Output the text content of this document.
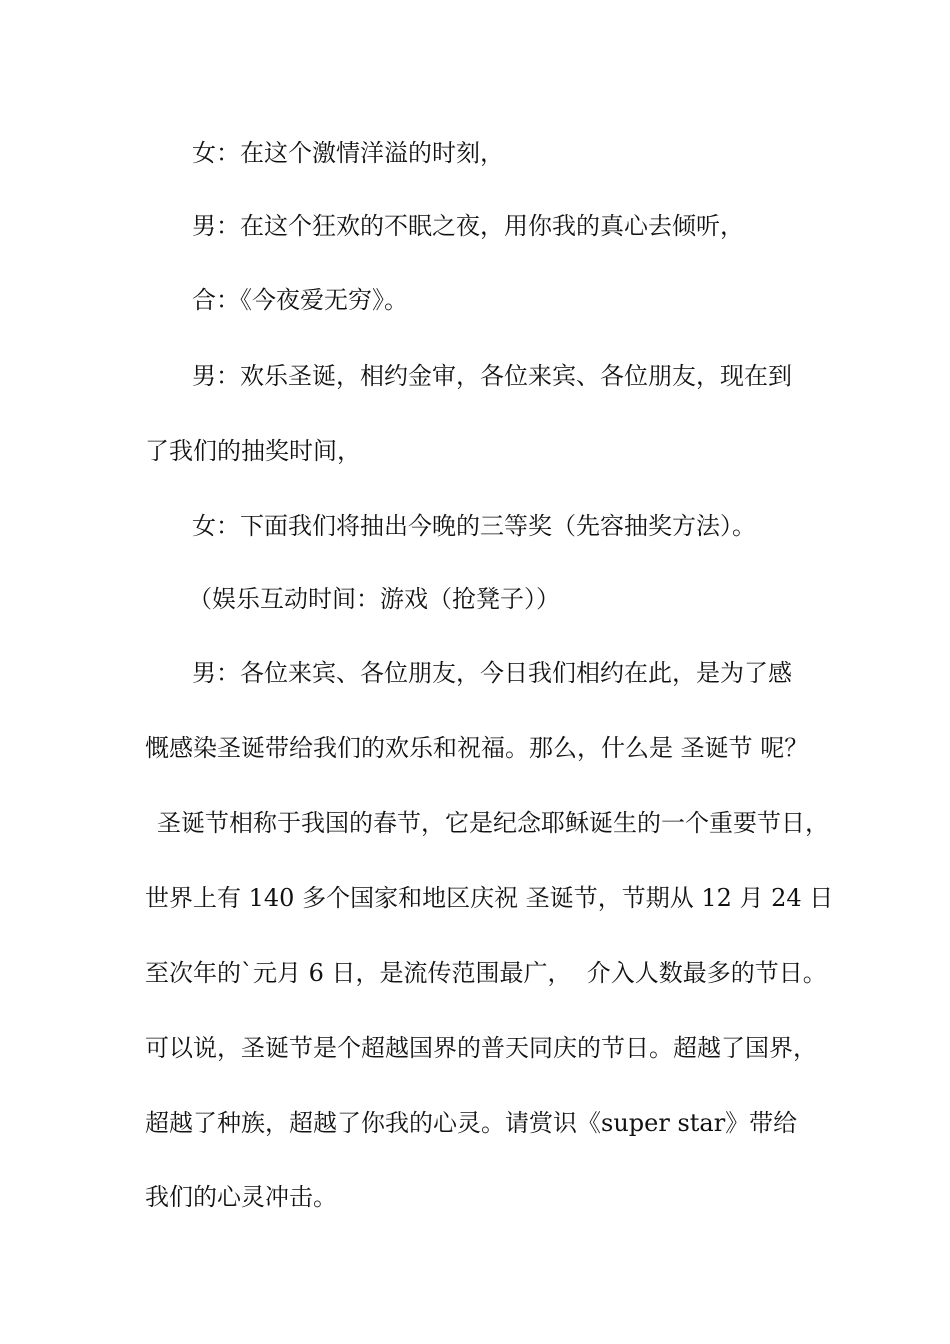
女：在这个激情洋溢的时刻，
男：在这个狂欢的不眠之夜，用你我的真心去倾听，
合：《今夜爱无穷》。
男：欢乐圣诞，相约金审，各位来宾、各位朋友，现在到
了我们的抽奖时间，
女：下面我们将抽出今晚的三等奖（先容抽奖方法）。
（娱乐互动时间：游戏（抢凳子））
男：各位来宾、各位朋友，今日我们相约在此，是为了感
慨感染圣诞带给我们的欢乐和祝福。那么，什么是 圣诞节 呢？
圣诞节相称于我国的春节，它是纪念耶稣诞生的一个重要节日，
世界上有 140 多个国家和地区庆祝 圣诞节，节期从 12 月 24 日
至次年的`元月 6 日，是流传范围最广，  介入人数最多的节日。
可以说，圣诞节是个超越国界的普天同庆的节日。超越了国界，
超越了种族，超越了你我的心灵。请赏识《super star》带给
我们的心灵冲击。
